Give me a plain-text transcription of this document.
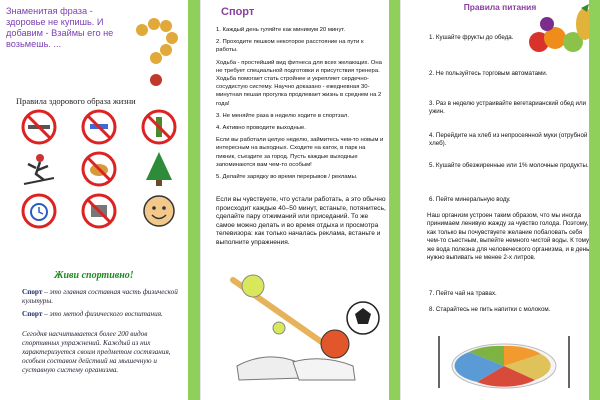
Знаменитая фраза - здоровье не купишь. И добавим - Взаймы его не возьмешь. ...
Правила здорового образа жизни
Живи спортивно!
Спорт – это главная составная часть физической культуры.
Спорт – это метод физического воспитания.
Сегодня насчитывается более 200 видов спортивных упражнений. Каждый из них характеризуется своим предметом состязания, особым составом действий на мышечную и суставную систему организма.
Спорт

1. Каждый день гуляйте как минимум 20 минут.

2. Проходите пешком некоторое расстояние на пути к работы.

Ходьба - простейший вид фитнеса для всех желающих. Она не требует специальной подготовки и присутствия тренера. Ходьба помогает стать стройнее и укрепляет сердечно-сосудистую систему. Научно доказано - ежедневная 30-минутная пешая прогулка продлевает жизнь в среднем на 2 года!

3. Не меняйте раза в неделю ходите в спортзал.

4. Активно проводите выходные.

Если вы работали целую неделю, займитесь чем-то новым и интересным на выходных. Сходите на каток, в парк на пикник, съездите за город. Пусть каждые выходные запоминаются вам чем-то особым!

5. Делайте зарядку во время перерывов / рекламы.

Если вы чувствуете, что устали работать, а это обычно происходит каждые 40–50 минут, встаньте, потянитесь, сделайте пару отжиманий или приседаний. То же самое можно делать и во время отдыха и просмотра телевизора: как только началась реклама, встаньте и выполните упражнения.
Правила питания
1. Кушайте фрукты до обеда.
2. Не пользуйтесь торговым автоматами.
3. Раз в неделю устраивайте вегетарианский обед или ужин.
4. Перейдите на хлеб из непросеянной муки (отрубной хлеб).
5. Кушайте обезжиренные или 1% молочные продукты.
6. Пейте минеральную воду.
Наш организм устроен таким образом, что мы иногда принимаем ленивую жажду за чувство голода. Поэтому, как только вы почувствуете желание побаловать себя чем-то съестным, выпейте немного чистой воды. К тому же вода полезна для человеческого организма, и в день нужно выпивать не менее 2-х литров.
7. Пейте чай на травах.
8. Старайтесь не пить напитки с молоком.
